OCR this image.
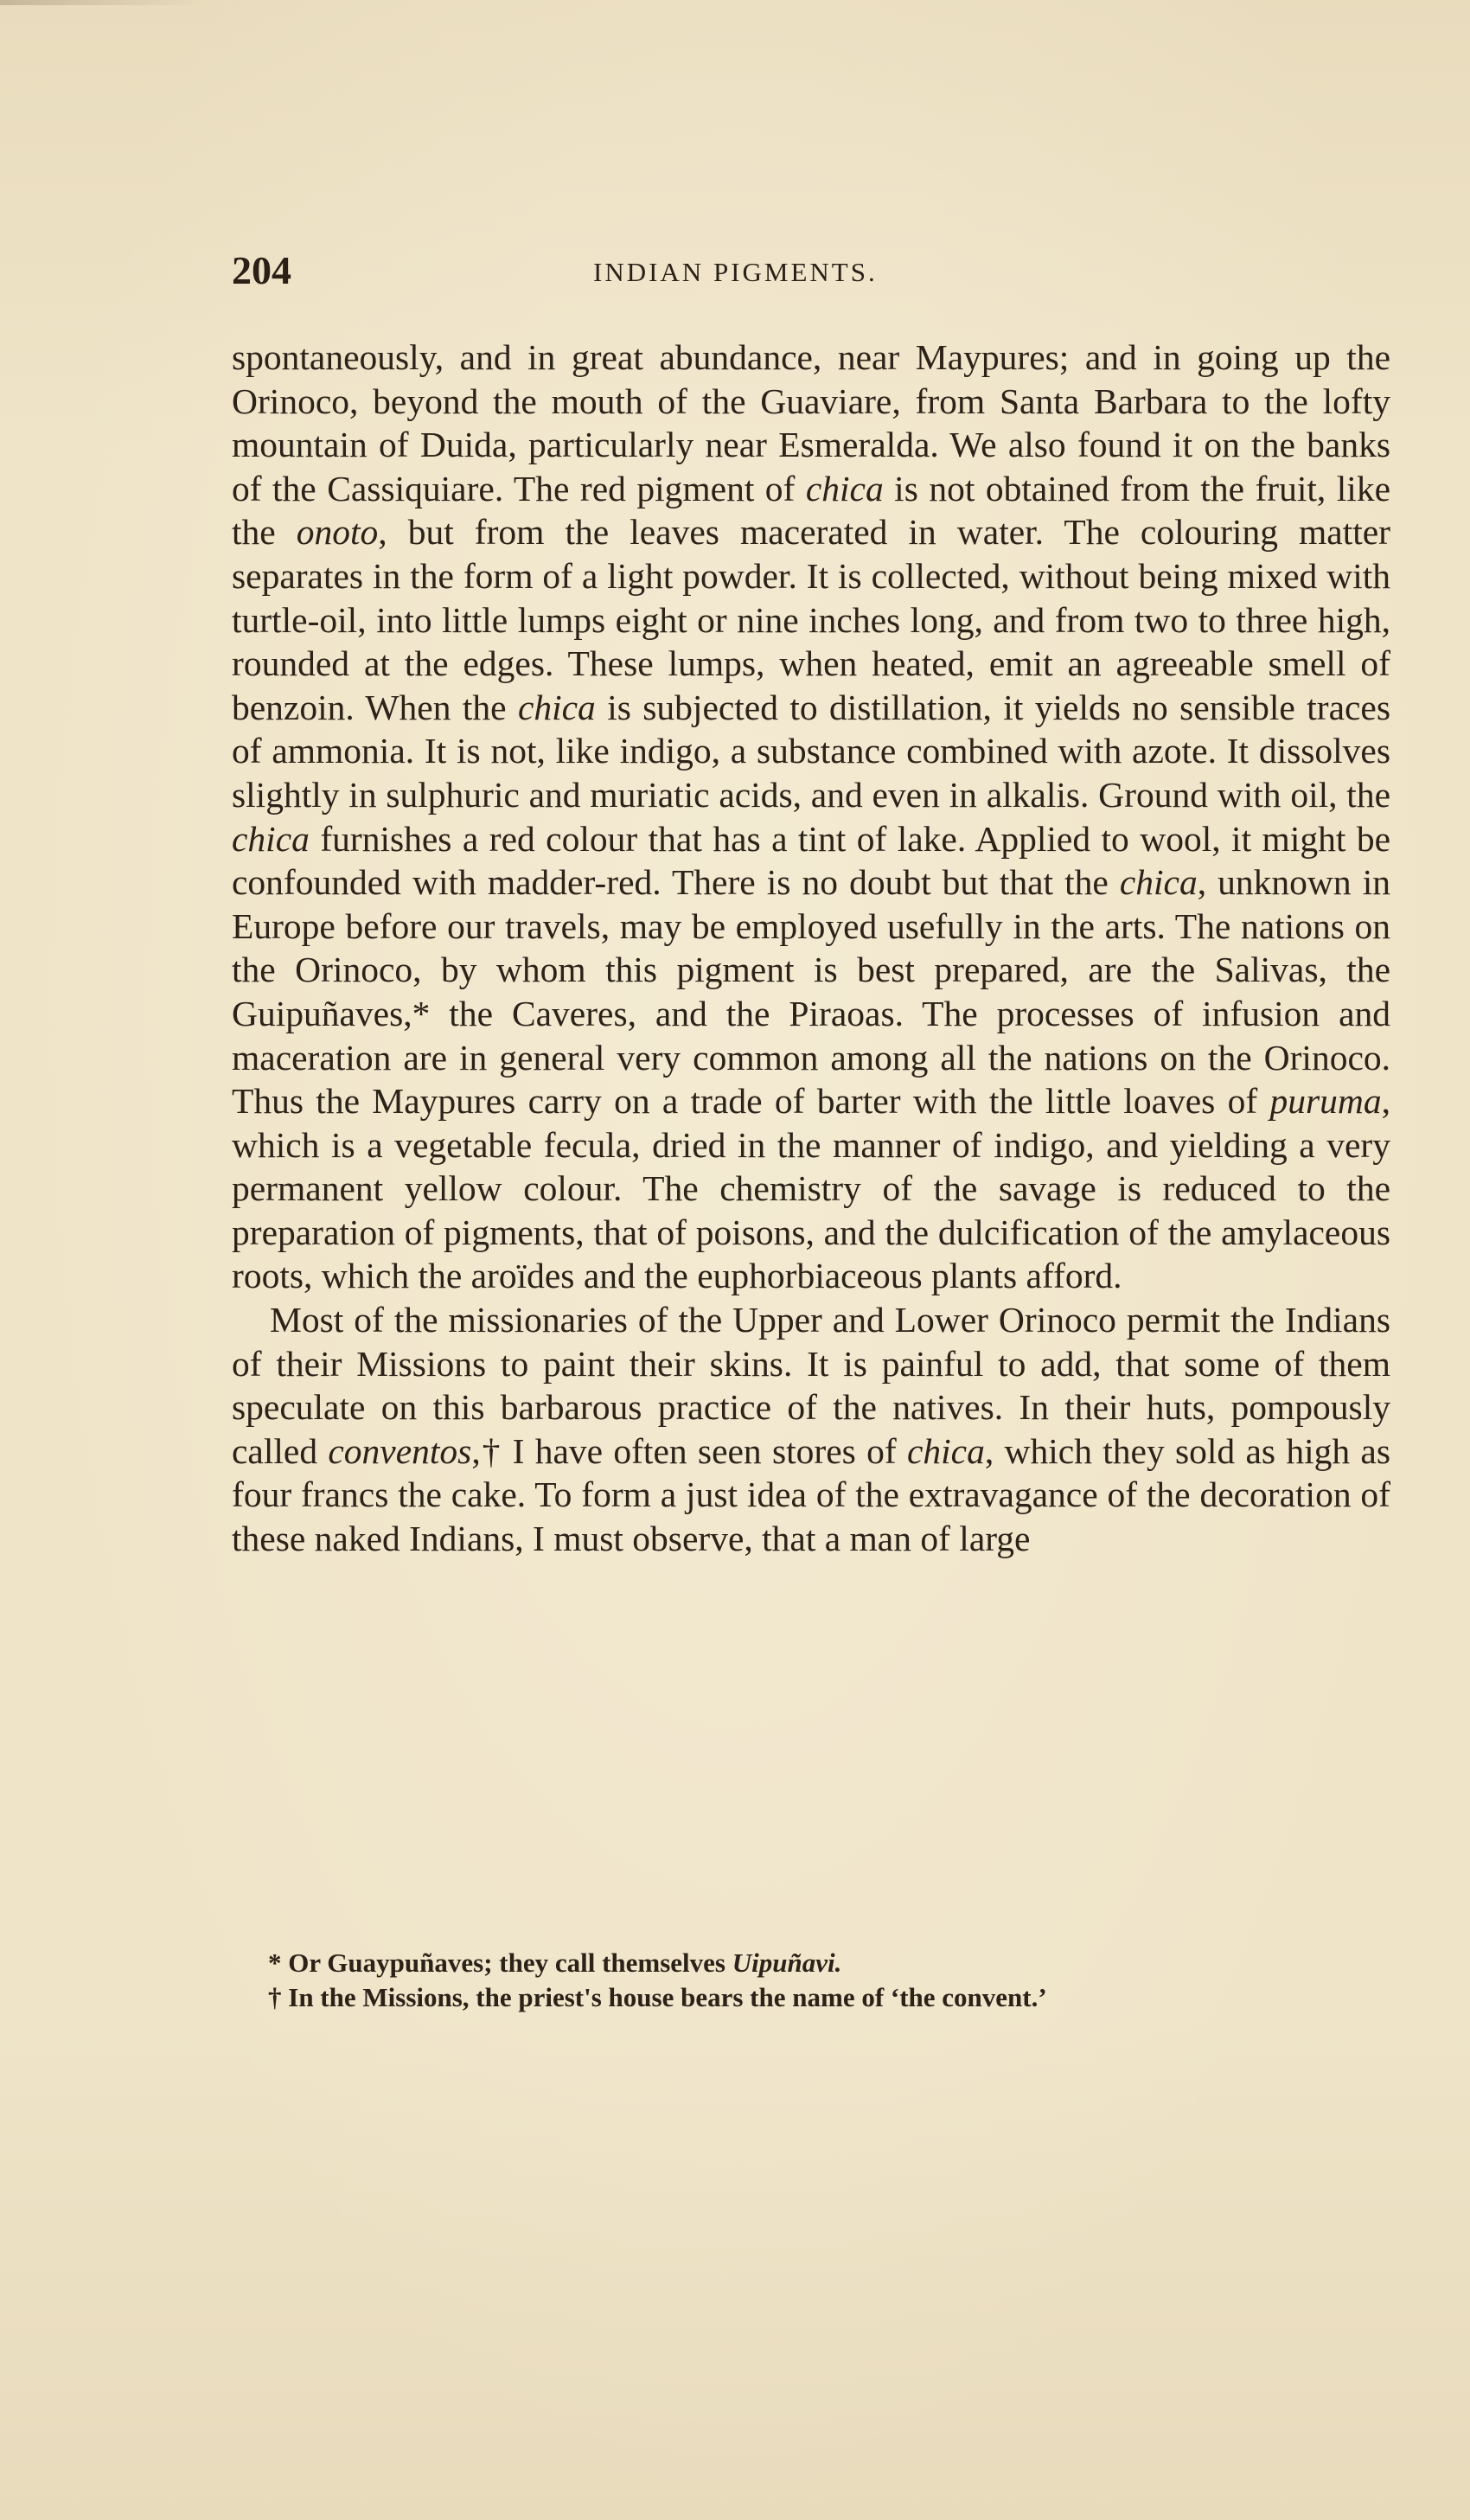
204	INDIAN PIGMENTS.

spontaneously, and in great abundance, near Maypures; and in going up the Orinoco, beyond the mouth of the Guaviare, from Santa Barbara to the lofty mountain of Duida, particularly near Esmeralda. We also found it on the banks of the Cassiquiare. The red pigment of chica is not obtained from the fruit, like the onoto, but from the leaves macerated in water. The colouring matter separates in the form of a light powder. It is collected, without being mixed with turtle-oil, into little lumps eight or nine inches long, and from two to three high, rounded at the edges. These lumps, when heated, emit an agreeable smell of benzoin. When the chica is subjected to distillation, it yields no sensible traces of ammonia. It is not, like indigo, a substance combined with azote. It dissolves slightly in sulphuric and muriatic acids, and even in alkalis. Ground with oil, the chica furnishes a red colour that has a tint of lake. Applied to wool, it might be confounded with madder-red. There is no doubt but that the chica, unknown in Europe before our travels, may be employed usefully in the arts. The nations on the Orinoco, by whom this pigment is best prepared, are the Salivas, the Guipuñaves,* the Caveres, and the Piraoas. The processes of infusion and maceration are in general very common among all the nations on the Orinoco. Thus the Maypures carry on a trade of barter with the little loaves of puruma, which is a vegetable fecula, dried in the manner of indigo, and yielding a very permanent yellow colour. The chemistry of the savage is reduced to the preparation of pigments, that of poisons, and the dulcification of the amylaceous roots, which the aroïdes and the euphorbiaceous plants afford.

Most of the missionaries of the Upper and Lower Orinoco permit the Indians of their Missions to paint their skins. It is painful to add, that some of them speculate on this barbarous practice of the natives. In their huts, pompously called conventos,† I have often seen stores of chica, which they sold as high as four francs the cake. To form a just idea of the extravagance of the decoration of these naked Indians, I must observe, that a man of large

* Or Guaypuñaves; they call themselves Uipuñavi.

† In the Missions, the priest's house bears the name of ‘the convent.’
